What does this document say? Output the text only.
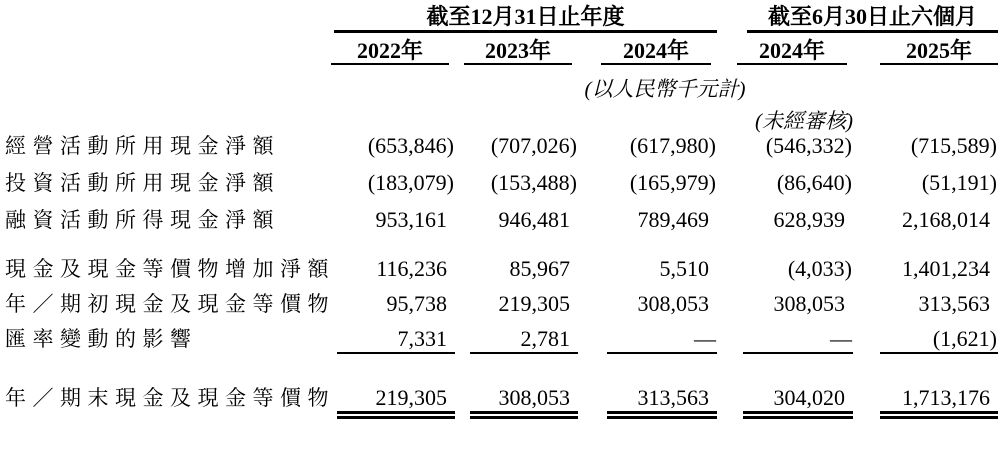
截至12月31日止年度	截至6月30日止六個月
2022年	2023年	2024年	2024年	2025年
(以人民幣千元計)
(未經審核)
經營活動所用現金淨額	(653,846)	(707,026)	(617,980)	(546,332)	(715,589)
投資活動所用現金淨額	(183,079)	(153,488)	(165,979)	(86,640)	(51,191)
融資活動所得現金淨額	953,161	946,481	789,469	628,939	2,168,014
現金及現金等價物增加淨額	116,236	85,967	5,510	(4,033)	1,401,234
年／期初現金及現金等價物	95,738	219,305	308,053	308,053	313,563
匯率變動的影響	7,331	2,781	—	—	(1,621)
年／期末現金及現金等價物	219,305	308,053	313,563	304,020	1,713,176
